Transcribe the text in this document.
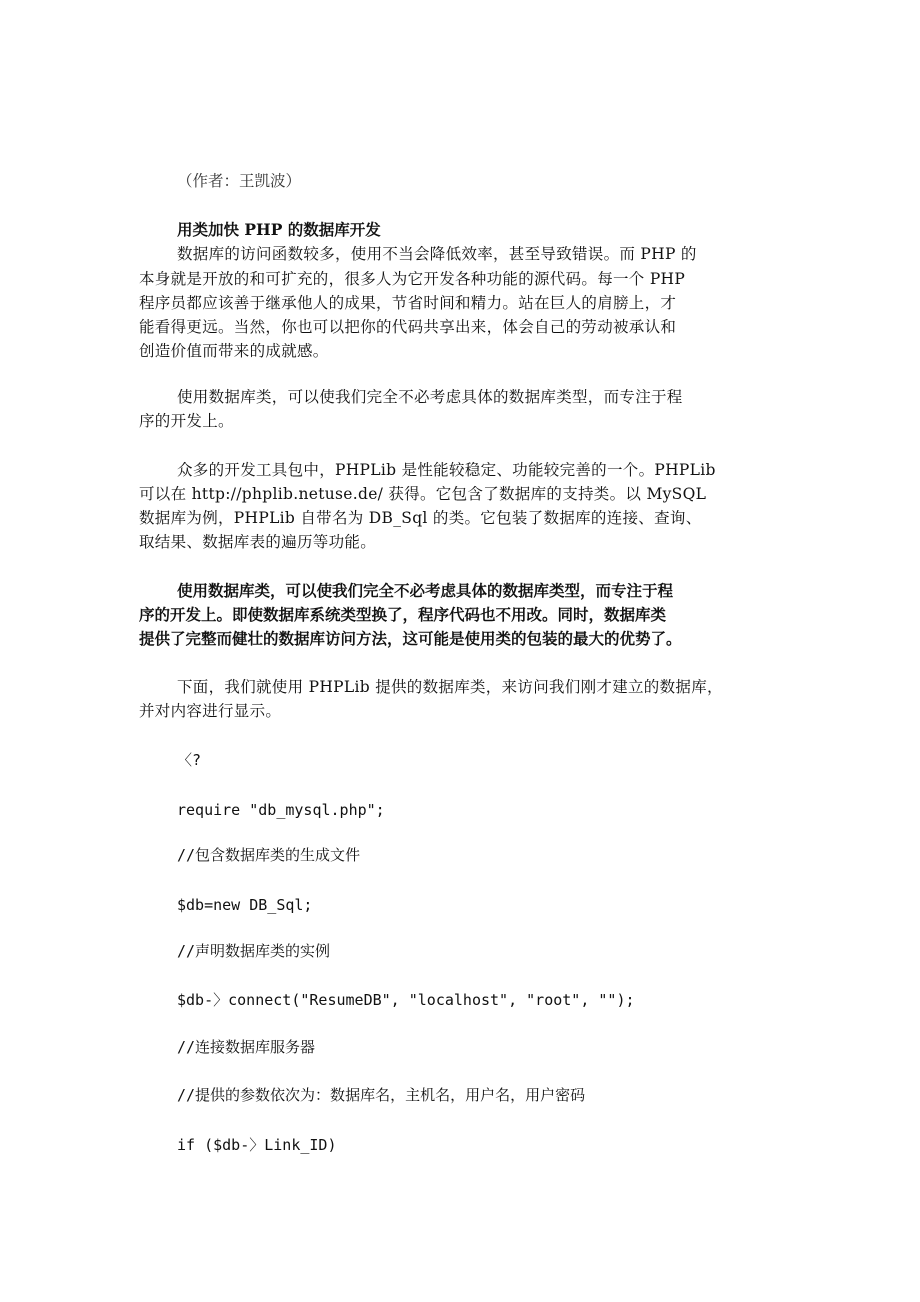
（作者：王凯波）
用类加快 PHP 的数据库开发
数据库的访问函数较多，使用不当会降低效率，甚至导致错误。而 PHP 的
本身就是开放的和可扩充的，很多人为它开发各种功能的源代码。每一个 PHP
程序员都应该善于继承他人的成果，节省时间和精力。站在巨人的肩膀上，才
能看得更远。当然，你也可以把你的代码共享出来，体会自己的劳动被承认和
创造价值而带来的成就感。
使用数据库类，可以使我们完全不必考虑具体的数据库类型，而专注于程
序的开发上。
众多的开发工具包中，PHPLib 是性能较稳定、功能较完善的一个。PHPLib
可以在 http://phplib.netuse.de/ 获得。它包含了数据库的支持类。以 MySQL
数据库为例，PHPLib 自带名为 DB_Sql 的类。它包装了数据库的连接、查询、
取结果、数据库表的遍历等功能。
使用数据库类，可以使我们完全不必考虑具体的数据库类型，而专注于程
序的开发上。即使数据库系统类型换了，程序代码也不用改。同时，数据库类
提供了完整而健壮的数据库访问方法，这可能是使用类的包装的最大的优势了。
下面，我们就使用 PHPLib 提供的数据库类，来访问我们刚才建立的数据库，
并对内容进行显示。
〈?
require "db_mysql.php";
//包含数据库类的生成文件
$db=new DB_Sql;
//声明数据库类的实例
$db-〉connect("ResumeDB", "localhost", "root", "");
//连接数据库服务器
//提供的参数依次为：数据库名，主机名，用户名，用户密码
if ($db-〉Link_ID)
